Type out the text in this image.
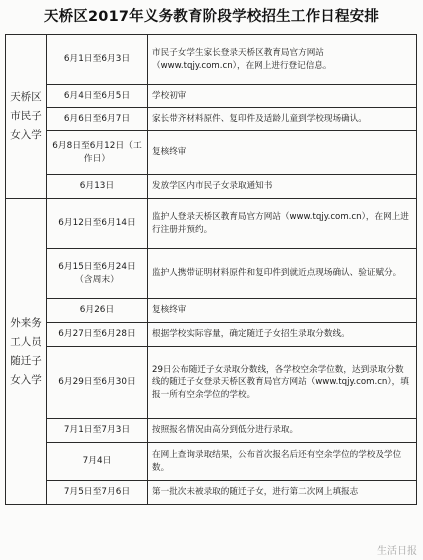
天桥区2017年义务教育阶段学校招生工作日程安排
天桥区市民子女入学	6月1日至6月3日	市民子女学生家长登录天桥区教育局官方网站（www.tqjy.com.cn），在网上进行登记信息。
	6月4日至6月5日	学校初审
	6月6日至6月7日	家长带齐材料原件、复印件及适龄儿童到学校现场确认。
	6月8日至6月12日（工作日）	复核终审
	6月13日	发放学区内市民子女录取通知书
外来务工人员随迁子女入学	6月12日至6月14日	监护人登录天桥区教育局官方网站（www.tqjy.com.cn），在网上进行注册并预约。
	6月15日至6月24日（含周末）	监护人携带证明材料原件和复印件到就近点现场确认、验证赋分。
	6月26日	复核终审
	6月27日至6月28日	根据学校实际容量，确定随迁子女招生录取分数线。
	6月29日至6月30日	29日公布随迁子女录取分数线，各学校空余学位数，达到录取分数线的随迁子女登录天桥区教育局官方网站（www.tqjy.com.cn），填报一所有空余学位的学校。
	7月1日至7月3日	按照报名情况由高分到低分进行录取。
	7月4日	在网上查询录取结果，公布首次报名后还有空余学位的学校及学位数。
	7月5日至7月6日	第一批次未被录取的随迁子女，进行第二次网上填报志
生活日报
